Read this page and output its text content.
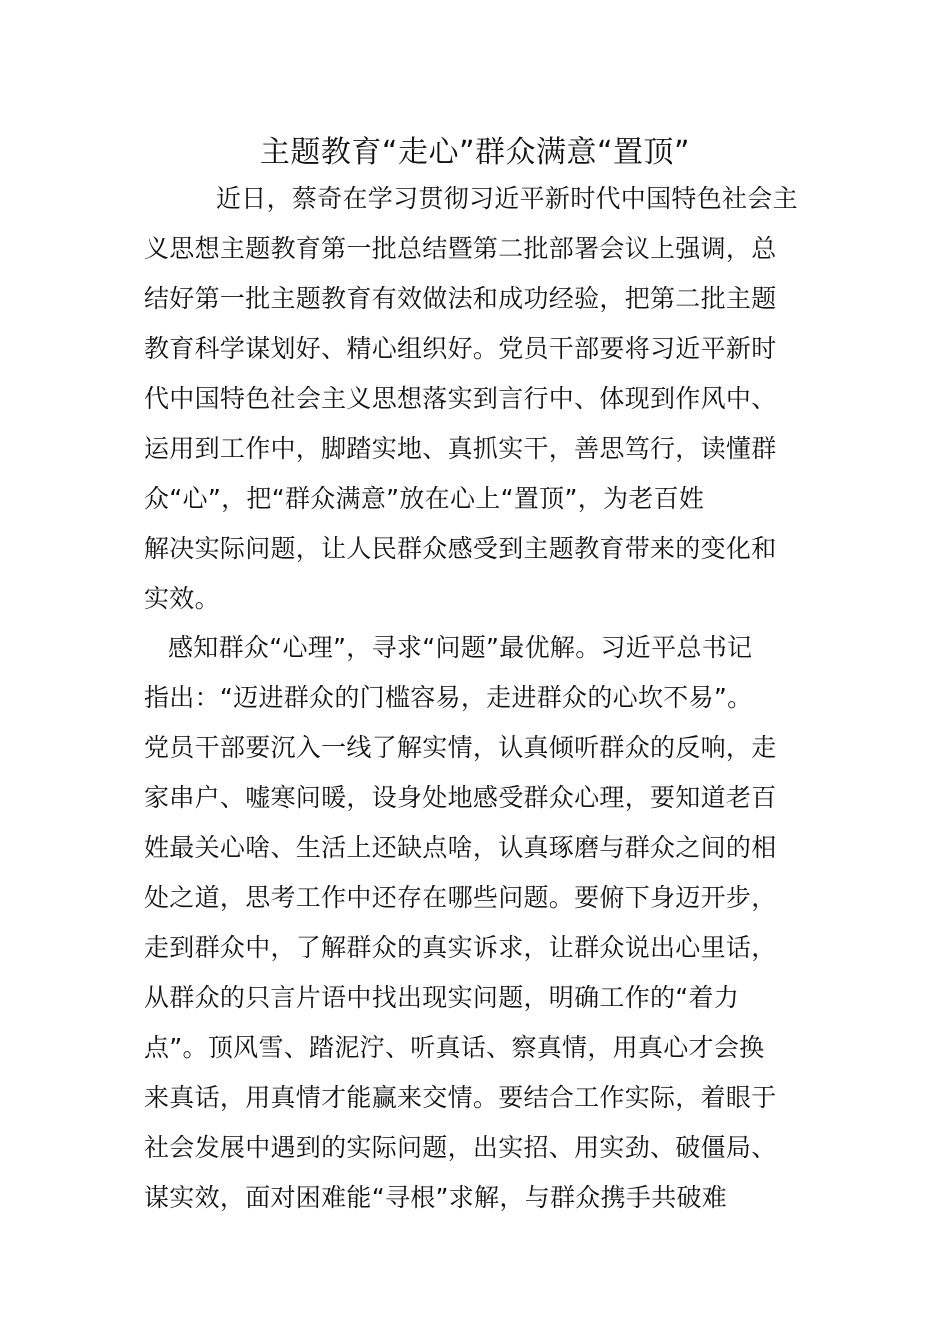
主题教育“走心”群众满意“置顶”
近日，蔡奇在学习贯彻习近平新时代中国特色社会主
义思想主题教育第一批总结暨第二批部署会议上强调，总
结好第一批主题教育有效做法和成功经验，把第二批主题
教育科学谋划好、精心组织好。党员干部要将习近平新时
代中国特色社会主义思想落实到言行中、体现到作风中、
运用到工作中，脚踏实地、真抓实干，善思笃行，读懂群
众“心”，把“群众满意”放在心上“置顶”，为老百姓
解决实际问题，让人民群众感受到主题教育带来的变化和
实效。
感知群众“心理”，寻求“问题”最优解。习近平总书记
指出：“迈进群众的门槛容易，走进群众的心坎不易”。
党员干部要沉入一线了解实情，认真倾听群众的反响，走
家串户、嘘寒问暖，设身处地感受群众心理，要知道老百
姓最关心啥、生活上还缺点啥，认真琢磨与群众之间的相
处之道，思考工作中还存在哪些问题。要俯下身迈开步，
走到群众中，了解群众的真实诉求，让群众说出心里话，
从群众的只言片语中找出现实问题，明确工作的“着力
点”。顶风雪、踏泥泞、听真话、察真情，用真心才会换
来真话，用真情才能赢来交情。要结合工作实际，着眼于
社会发展中遇到的实际问题，出实招、用实劲、破僵局、
谋实效，面对困难能“寻根”求解，与群众携手共破难
